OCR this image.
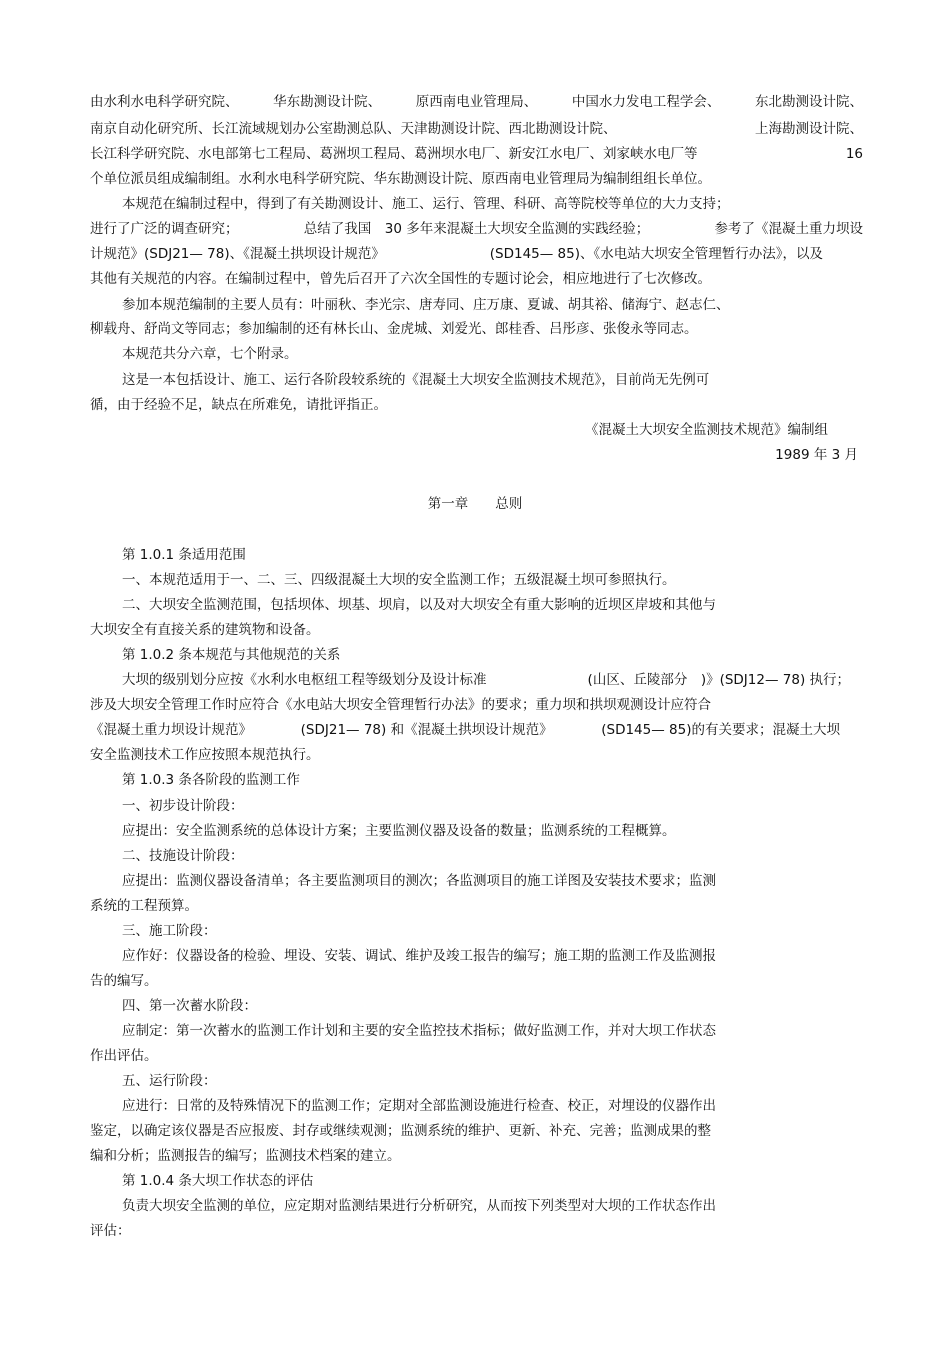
由水利水电科学研究院、	华东勘测设计院、	原西南电业管理局、	中国水力发电工程学会、	东北勘测设计院、
南京自动化研究所、长江流域规划办公室勘测总队、天津勘测设计院、西北勘测设计院、	上海勘测设计院、
长江科学研究院、水电部第七工程局、葛洲坝工程局、葛洲坝水电厂、新安江水电厂、刘家峡水电厂等	16
个单位派员组成编制组。水利水电科学研究院、华东勘测设计院、原西南电业管理局为编制组组长单位。
本规范在编制过程中，得到了有关勘测设计、施工、运行、管理、科研、高等院校等单位的大力支持；
进行了广泛的调查研究；	总结了我国　30 多年来混凝土大坝安全监测的实践经验；	参考了《混凝土重力坝设
计规范》(SDJ21— 78)、《混凝土拱坝设计规范》	(SD145— 85)、《水电站大坝安全管理暂行办法》，以及
其他有关规范的内容。在编制过程中，曾先后召开了六次全国性的专题讨论会，相应地进行了七次修改。
参加本规范编制的主要人员有：叶丽秋、李光宗、唐寿同、庄万康、夏诚、胡其裕、储海宁、赵志仁、
柳载舟、舒尚文等同志；参加编制的还有林长山、金虎城、刘爱光、郎桂香、吕彤彦、张俊永等同志。
本规范共分六章，七个附录。
这是一本包括设计、施工、运行各阶段较系统的《混凝土大坝安全监测技术规范》，目前尚无先例可
循，由于经验不足，缺点在所难免，请批评指正。
《混凝土大坝安全监测技术规范》编制组
1989 年 3 月
第一章　　总则
第 1.0.1 条适用范围
一、本规范适用于一、二、三、四级混凝土大坝的安全监测工作；五级混凝土坝可参照执行。
二、大坝安全监测范围，包括坝体、坝基、坝肩，以及对大坝安全有重大影响的近坝区岸坡和其他与
大坝安全有直接关系的建筑物和设备。
第 1.0.2 条本规范与其他规范的关系
大坝的级别划分应按《水利水电枢纽工程等级划分及设计标准	(山区、丘陵部分　)》(SDJ12— 78) 执行；
涉及大坝安全管理工作时应符合《水电站大坝安全管理暂行办法》的要求；重力坝和拱坝观测设计应符合
《混凝土重力坝设计规范》	(SDJ21— 78) 和《混凝土拱坝设计规范》	(SD145— 85)的有关要求；混凝土大坝
安全监测技术工作应按照本规范执行。
第 1.0.3 条各阶段的监测工作
一、初步设计阶段：
应提出：安全监测系统的总体设计方案；主要监测仪器及设备的数量；监测系统的工程概算。
二、技施设计阶段：
应提出：监测仪器设备清单；各主要监测项目的测次；各监测项目的施工详图及安装技术要求；监测
系统的工程预算。
三、施工阶段：
应作好：仪器设备的检验、埋设、安装、调试、维护及竣工报告的编写；施工期的监测工作及监测报
告的编写。
四、第一次蓄水阶段：
应制定：第一次蓄水的监测工作计划和主要的安全监控技术指标；做好监测工作，并对大坝工作状态
作出评估。
五、运行阶段：
应进行：日常的及特殊情况下的监测工作；定期对全部监测设施进行检查、校正，对埋设的仪器作出
鉴定，以确定该仪器是否应报废、封存或继续观测；监测系统的维护、更新、补充、完善；监测成果的整
编和分析；监测报告的编写；监测技术档案的建立。
第 1.0.4 条大坝工作状态的评估
负责大坝安全监测的单位，应定期对监测结果进行分析研究，从而按下列类型对大坝的工作状态作出
评估：
